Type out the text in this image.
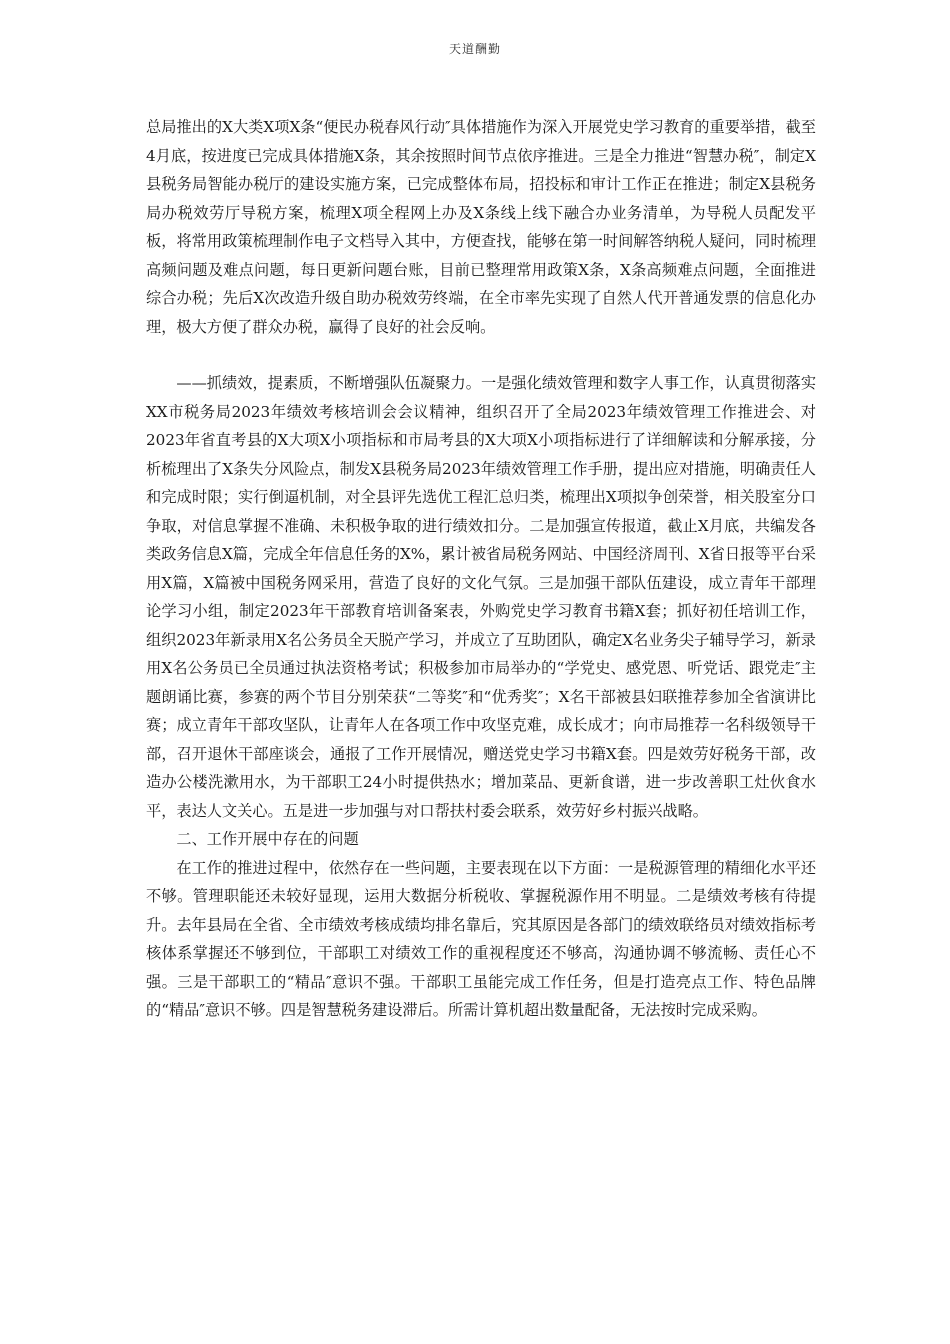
天道酬勤

总局推出的X大类X项X条“便民办税春风行动″具体措施作为深入开展党史学习教育的重要举措，截至4月底，按进度已完成具体措施X条，其余按照时间节点依序推进。三是全力推进“智慧办税″，制定X县税务局智能办税厅的建设实施方案，已完成整体布局，招投标和审计工作正在推进；制定X县税务局办税效劳厅导税方案，梳理X项全程网上办及X条线上线下融合办业务清单，为导税人员配发平板，将常用政策梳理制作电子文档导入其中，方便查找，能够在第一时间解答纳税人疑问，同时梳理高频问题及难点问题，每日更新问题台账，目前已整理常用政策X条，X条高频难点问题，全面推进综合办税；先后X次改造升级自助办税效劳终端，在全市率先实现了自然人代开普通发票的信息化办理，极大方便了群众办税，赢得了良好的社会反响。

——抓绩效，提素质，不断增强队伍凝聚力。一是强化绩效管理和数字人事工作，认真贯彻落实XX市税务局2023年绩效考核培训会会议精神，组织召开了全局2023年绩效管理工作推进会、对2023年省直考县的X大项X小项指标和市局考县的X大项X小项指标进行了详细解读和分解承接，分析梳理出了X条失分风险点，制发X县税务局2023年绩效管理工作手册，提出应对措施，明确责任人和完成时限；实行倒逼机制，对全县评先选优工程汇总归类，梳理出X项拟争创荣誉，相关股室分口争取，对信息掌握不准确、未积极争取的进行绩效扣分。二是加强宣传报道，截止X月底，共编发各类政务信息X篇，完成全年信息任务的X%，累计被省局税务网站、中国经济周刊、X省日报等平台采用X篇，X篇被中国税务网采用，营造了良好的文化气氛。三是加强干部队伍建设，成立青年干部理论学习小组，制定2023年干部教育培训备案表，外购党史学习教育书籍X套；抓好初任培训工作，组织2023年新录用X名公务员全天脱产学习，并成立了互助团队，确定X名业务尖子辅导学习，新录用X名公务员已全员通过执法资格考试；积极参加市局举办的“学党史、感党恩、听党话、跟党走″主题朗诵比赛，参赛的两个节目分别荣获“二等奖″和“优秀奖″；X名干部被县妇联推荐参加全省演讲比赛；成立青年干部攻坚队，让青年人在各项工作中攻坚克难，成长成才；向市局推荐一名科级领导干部，召开退休干部座谈会，通报了工作开展情况，赠送党史学习书籍X套。四是效劳好税务干部，改造办公楼洗漱用水，为干部职工24小时提供热水；增加菜品、更新食谱，进一步改善职工灶伙食水平，表达人文关心。五是进一步加强与对口帮扶村委会联系，效劳好乡村振兴战略。

二、工作开展中存在的问题

在工作的推进过程中，依然存在一些问题，主要表现在以下方面：一是税源管理的精细化水平还不够。管理职能还未较好显现，运用大数据分析税收、掌握税源作用不明显。二是绩效考核有待提升。去年县局在全省、全市绩效考核成绩均排名靠后，究其原因是各部门的绩效联络员对绩效指标考核体系掌握还不够到位，干部职工对绩效工作的重视程度还不够高，沟通协调不够流畅、责任心不强。三是干部职工的“精品″意识不强。干部职工虽能完成工作任务，但是打造亮点工作、特色品牌的“精品″意识不够。四是智慧税务建设滞后。所需计算机超出数量配备，无法按时完成采购。
